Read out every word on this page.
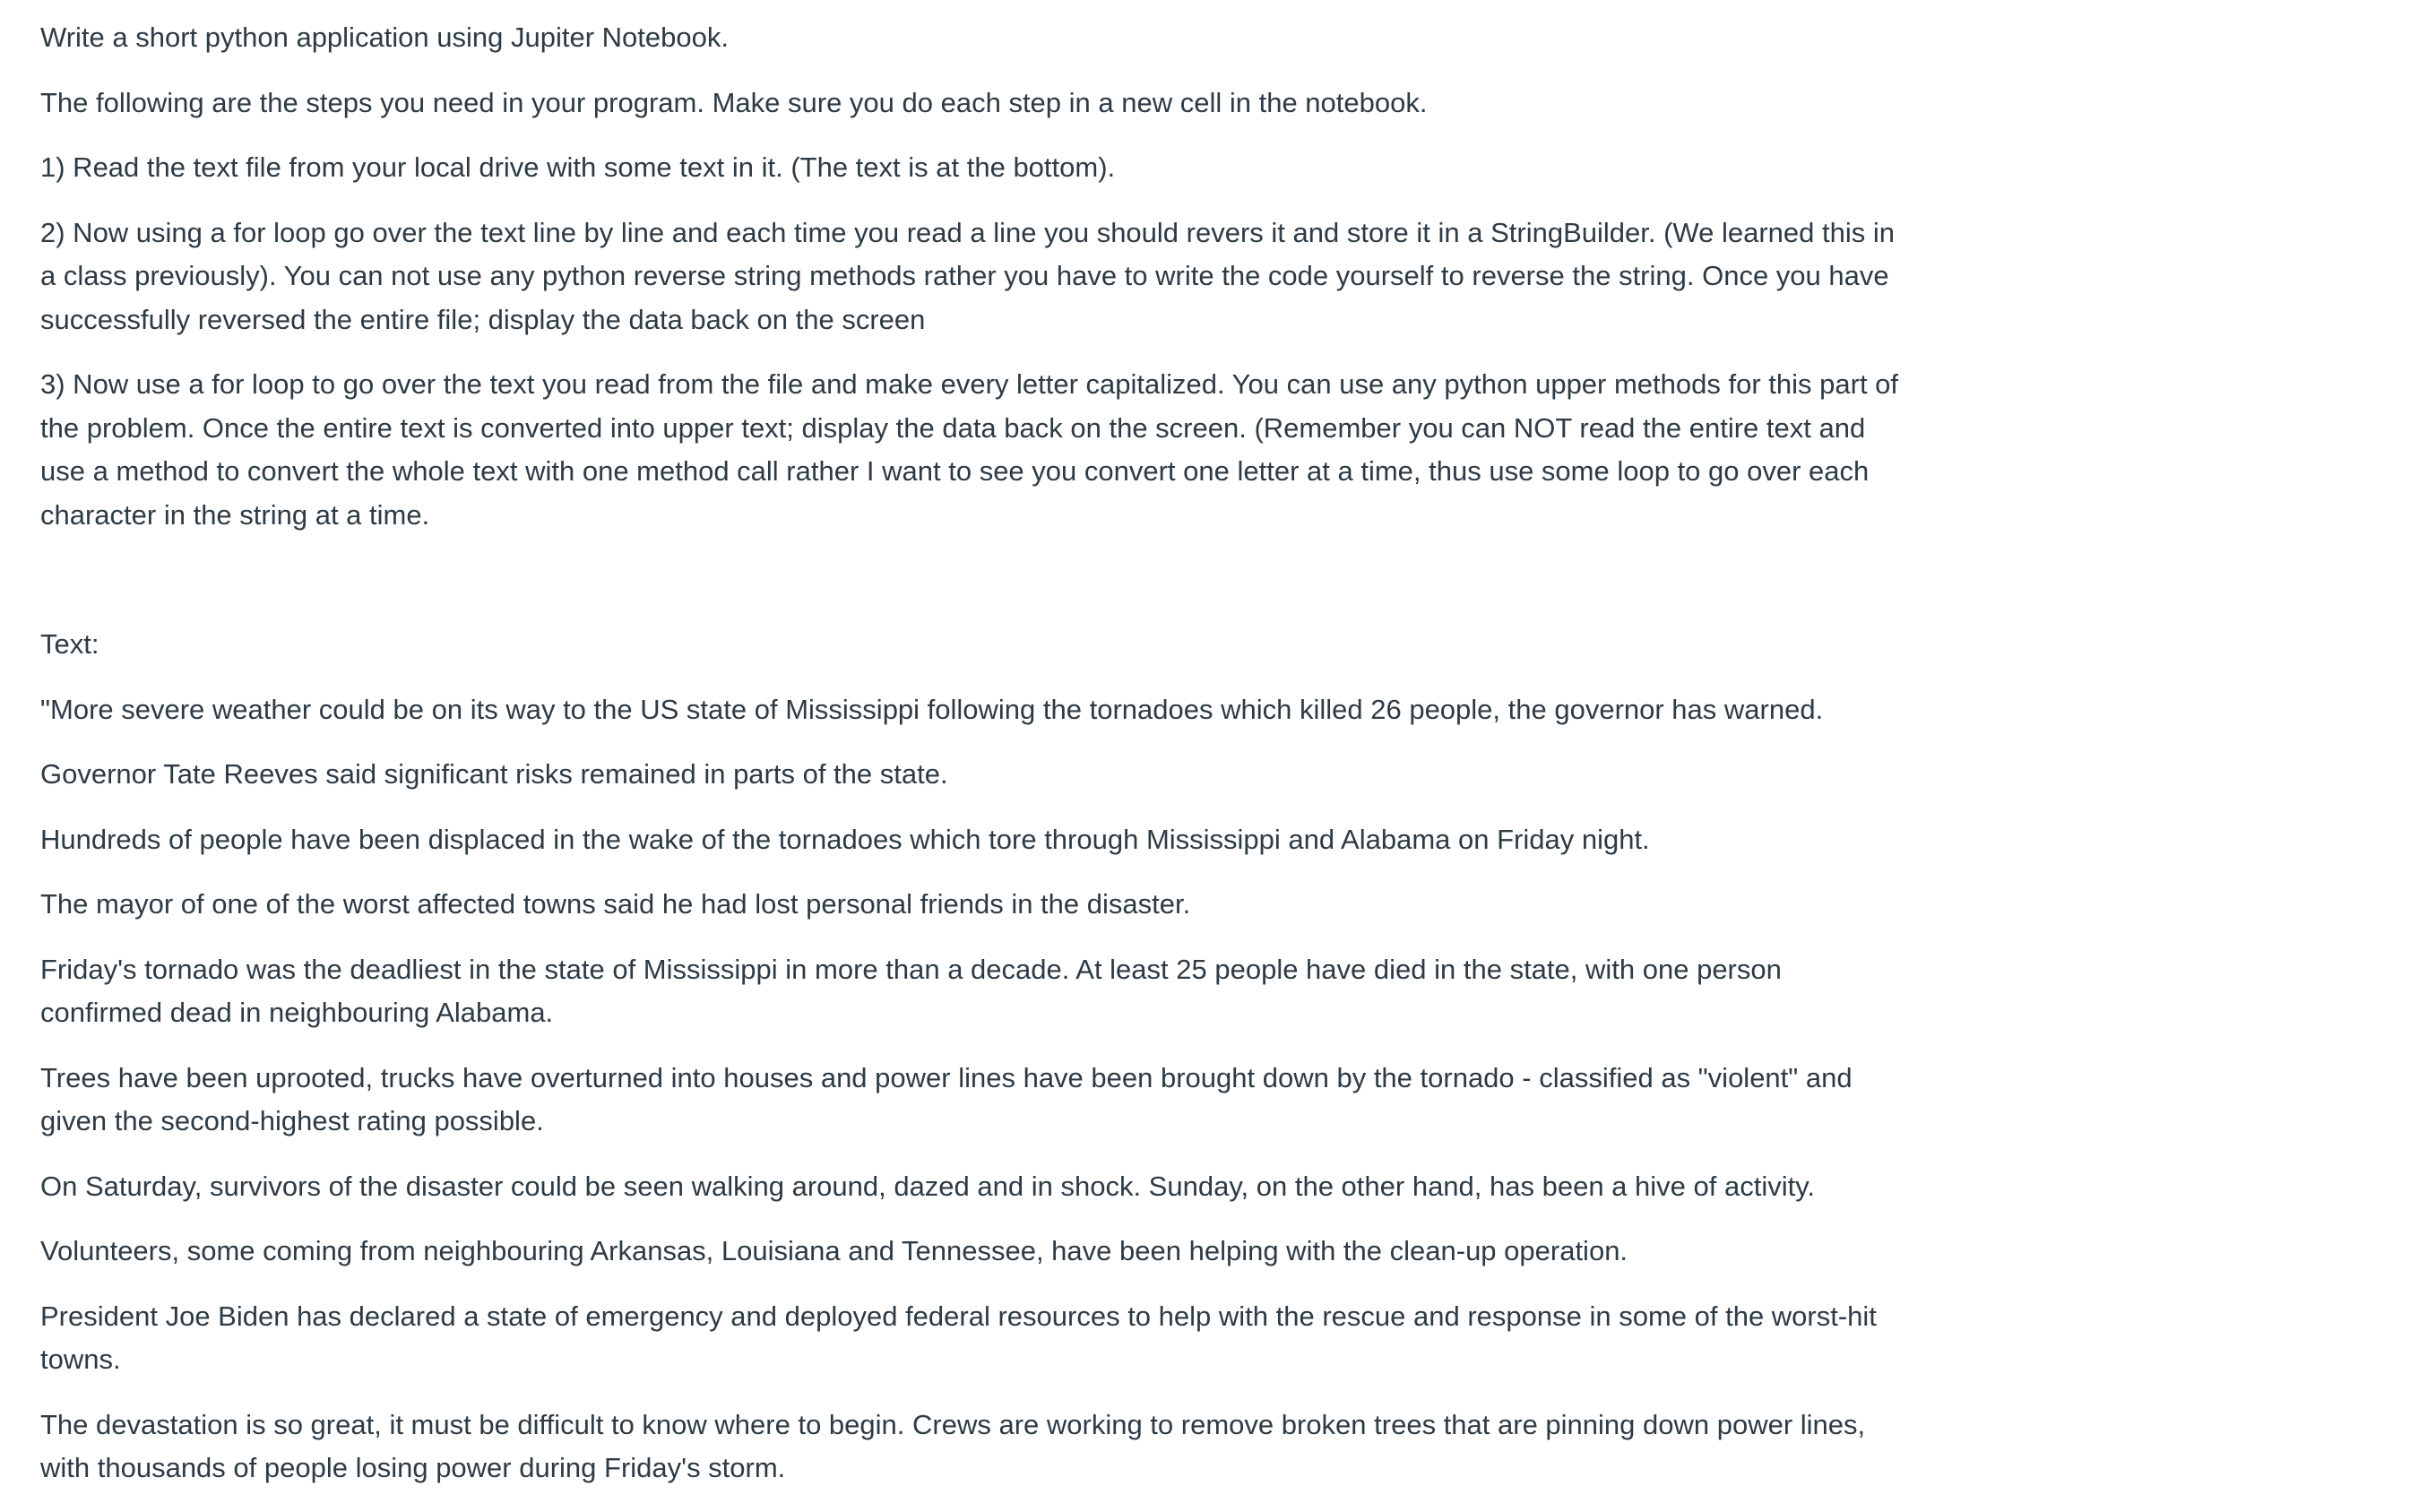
Write a short python application using Jupiter Notebook.

The following are the steps you need in your program. Make sure you do each step in a new cell in the notebook.

1) Read the text file from your local drive with some text in it. (The text is at the bottom).

2) Now using a for loop go over the text line by line and each time you read a line you should revers it and store it in a StringBuilder. (We learned this in a class previously). You can not use any python reverse string methods rather you have to write the code yourself to reverse the string. Once you have successfully reversed the entire file; display the data back on the screen

3) Now use a for loop to go over the text you read from the file and make every letter capitalized. You can use any python upper methods for this part of the problem. Once the entire text is converted into upper text; display the data back on the screen. (Remember you can NOT read the entire text and use a method to convert the whole text with one method call rather I want to see you convert one letter at a time, thus use some loop to go over each character in the string at a time.

Text:

"More severe weather could be on its way to the US state of Mississippi following the tornadoes which killed 26 people, the governor has warned.

Governor Tate Reeves said significant risks remained in parts of the state.

Hundreds of people have been displaced in the wake of the tornadoes which tore through Mississippi and Alabama on Friday night.

The mayor of one of the worst affected towns said he had lost personal friends in the disaster.

Friday's tornado was the deadliest in the state of Mississippi in more than a decade. At least 25 people have died in the state, with one person confirmed dead in neighbouring Alabama.

Trees have been uprooted, trucks have overturned into houses and power lines have been brought down by the tornado - classified as "violent" and given the second-highest rating possible.

On Saturday, survivors of the disaster could be seen walking around, dazed and in shock. Sunday, on the other hand, has been a hive of activity.

Volunteers, some coming from neighbouring Arkansas, Louisiana and Tennessee, have been helping with the clean-up operation.

President Joe Biden has declared a state of emergency and deployed federal resources to help with the rescue and response in some of the worst-hit towns.

The devastation is so great, it must be difficult to know where to begin. Crews are working to remove broken trees that are pinning down power lines, with thousands of people losing power during Friday's storm.
